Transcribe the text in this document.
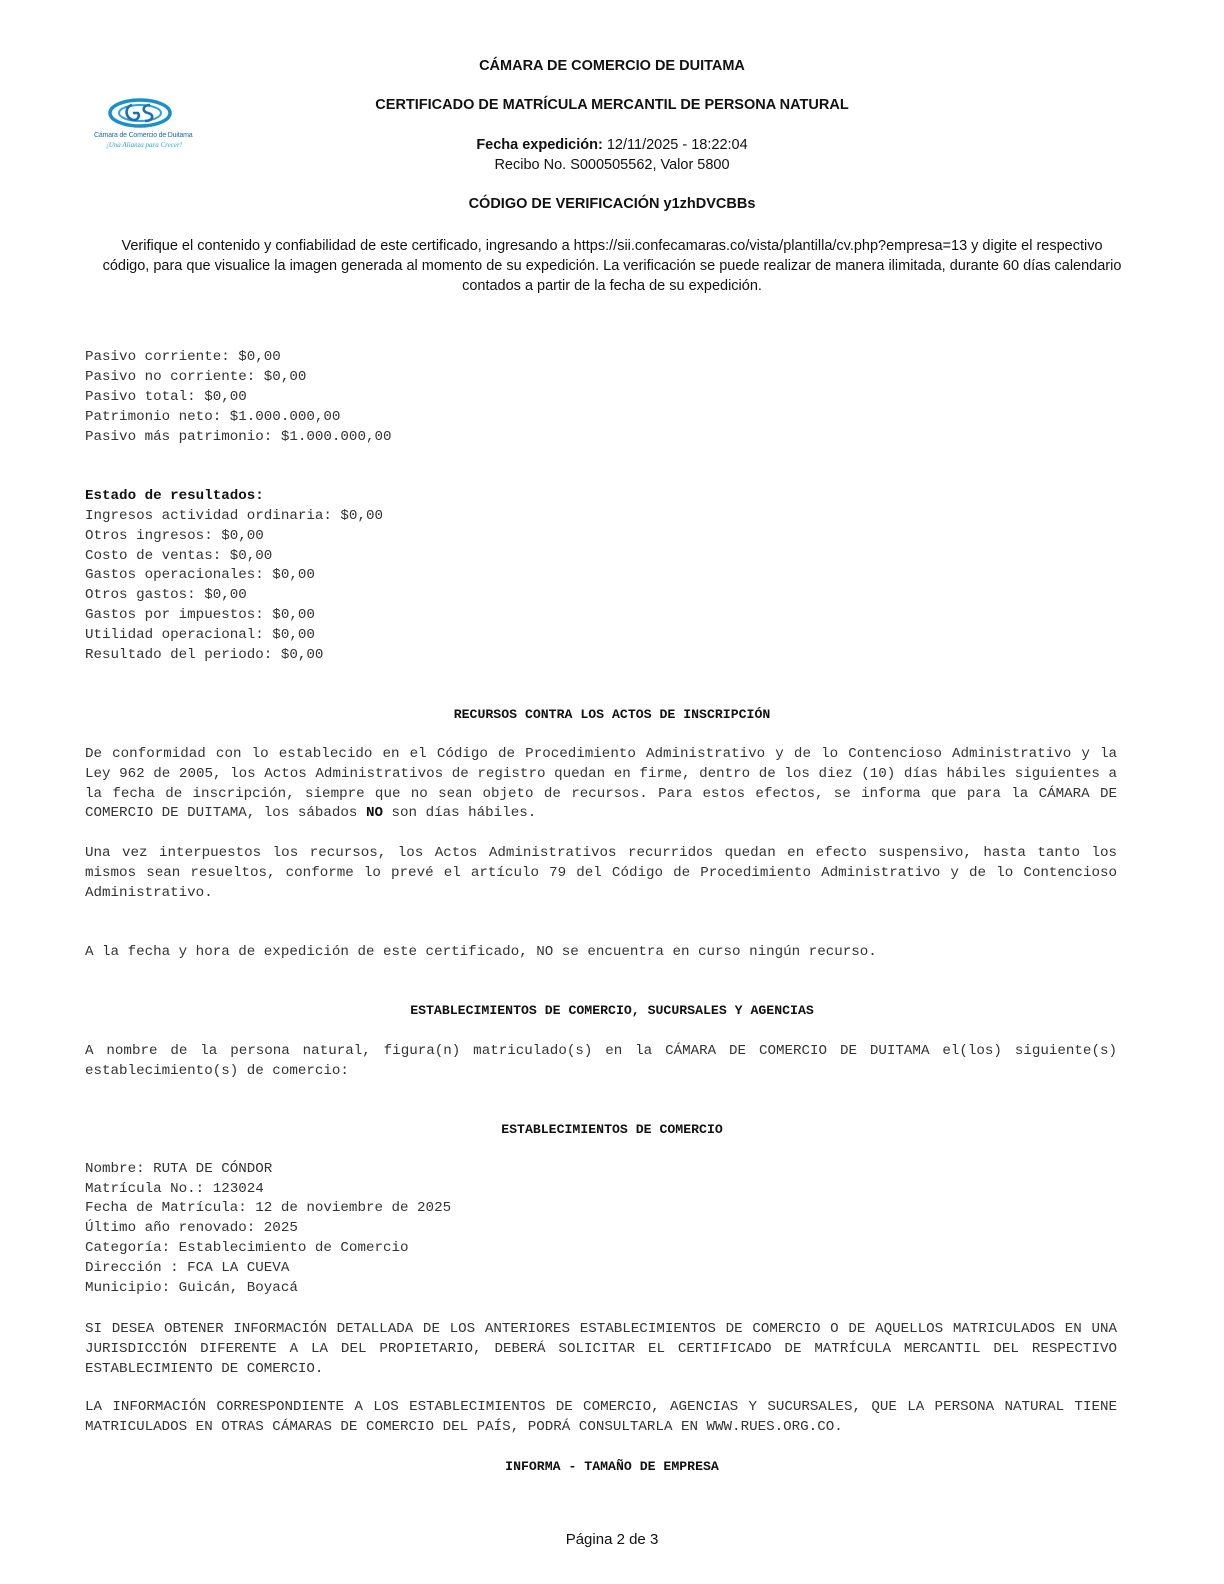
CÁMARA DE COMERCIO DE DUITAMA
Cámara de Comercio de Duitama
¡Una Alianza para Crecer!
CERTIFICADO DE MATRÍCULA MERCANTIL DE PERSONA NATURAL
Fecha expedición: 12/11/2025 - 18:22:04
Recibo No. S000505562, Valor 5800
CÓDIGO DE VERIFICACIÓN y1zhDVCBBs
Verifique el contenido y confiabilidad de este certificado, ingresando a https://sii.confecamaras.co/vista/plantilla/cv.php?empresa=13 y digite el respectivo código, para que visualice la imagen generada al momento de su expedición. La verificación se puede realizar de manera ilimitada, durante 60 días calendario contados a partir de la fecha de su expedición.
Pasivo corriente: $0,00
Pasivo no corriente: $0,00
Pasivo total: $0,00
Patrimonio neto: $1.000.000,00
Pasivo más patrimonio: $1.000.000,00
Estado de resultados:
Ingresos actividad ordinaria: $0,00
Otros ingresos: $0,00
Costo de ventas: $0,00
Gastos operacionales: $0,00
Otros gastos: $0,00
Gastos por impuestos: $0,00
Utilidad operacional: $0,00
Resultado del periodo: $0,00
RECURSOS CONTRA LOS ACTOS DE INSCRIPCIÓN
De conformidad con lo establecido en el Código de Procedimiento Administrativo y de lo Contencioso Administrativo y la Ley 962 de 2005, los Actos Administrativos de registro quedan en firme, dentro de los diez (10) días hábiles siguientes a la fecha de inscripción, siempre que no sean objeto de recursos. Para estos efectos, se informa que para la CÁMARA DE COMERCIO DE DUITAMA, los sábados NO son días hábiles.
Una vez interpuestos los recursos, los Actos Administrativos recurridos quedan en efecto suspensivo, hasta tanto los mismos sean resueltos, conforme lo prevé el artículo 79 del Código de Procedimiento Administrativo y de lo Contencioso Administrativo.
A la fecha y hora de expedición de este certificado, NO se encuentra en curso ningún recurso.
ESTABLECIMIENTOS DE COMERCIO, SUCURSALES Y AGENCIAS
A nombre de la persona natural, figura(n) matriculado(s) en la CÁMARA DE COMERCIO DE DUITAMA el(los) siguiente(s) establecimiento(s) de comercio:
ESTABLECIMIENTOS DE COMERCIO
Nombre: RUTA DE CÓNDOR
Matrícula No.: 123024
Fecha de Matrícula: 12 de noviembre de 2025
Último año renovado: 2025
Categoría: Establecimiento de Comercio
Dirección : FCA LA CUEVA
Municipio: Guicán, Boyacá
SI DESEA OBTENER INFORMACIÓN DETALLADA DE LOS ANTERIORES ESTABLECIMIENTOS DE COMERCIO O DE AQUELLOS MATRICULADOS EN UNA JURISDICCIÓN DIFERENTE A LA DEL PROPIETARIO, DEBERÁ SOLICITAR EL CERTIFICADO DE MATRÍCULA MERCANTIL DEL RESPECTIVO ESTABLECIMIENTO DE COMERCIO.
LA INFORMACIÓN CORRESPONDIENTE A LOS ESTABLECIMIENTOS DE COMERCIO, AGENCIAS Y SUCURSALES, QUE LA PERSONA NATURAL TIENE MATRICULADOS EN OTRAS CÁMARAS DE COMERCIO DEL PAÍS, PODRÁ CONSULTARLA EN WWW.RUES.ORG.CO.
INFORMA - TAMAÑO DE EMPRESA
Página 2 de 3
